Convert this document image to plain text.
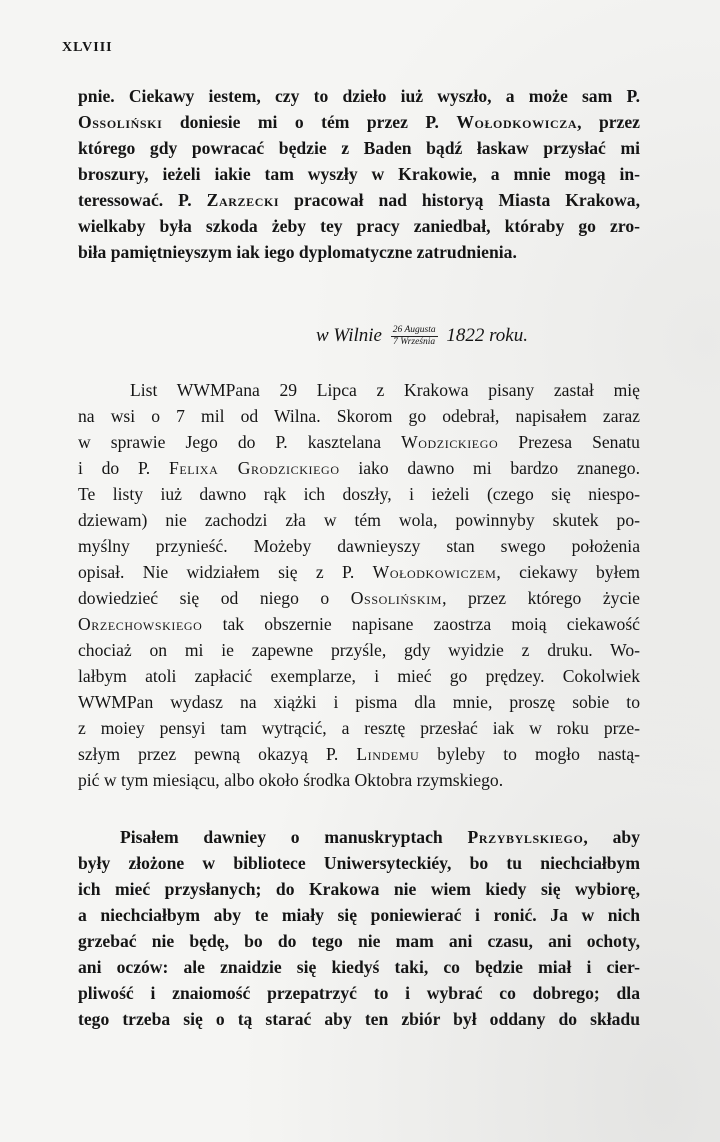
XLVIII
pnie. Ciekawy iestem, czy to dzieło iuż wyszło, a może sam P.
Ossoliński doniesie mi o tém przez P. Wołodkowicza, przez
którego gdy powracać będzie z Baden bądź łaskaw przysłać mi
broszury, ieżeli iakie tam wyszły w Krakowie, a mnie mogą in-
teressować. P. Zarzecki pracował nad historyą Miasta Krakowa,
wielkaby była szkoda żeby tey pracy zaniedbał, któraby go zro-
biła pamiętnieyszym iak iego dyplomatyczne zatrudnienia.
w Wilnie $\frac{\text{26 Augusta}}{\text{7 Września}} 1822$ roku.
List WWMPana 29 Lipca z Krakowa pisany zastał mię
na wsi o 7 mil od Wilna. Skorom go odebrał, napisałem zaraz
w sprawie Jego do P. kasztelana Wodzickiego Prezesa Senatu
i do P. Felixa Grodzickiego iako dawno mi bardzo znanego.
Te listy iuż dawno rąk ich doszły, i ieżeli (czego się niespo-
dziewam) nie zachodzi zła w tém wola, powinnyby skutek po-
myślny przynieść. Możeby dawnieyszy stan swego położenia
opisał. Nie widziałem się z P. Wołodkowiczem, ciekawy byłem
dowiedzieć się od niego o Ossolińskim, przez którego życie
Orzechowskiego tak obszernie napisane zaostrza moią ciekawość
chociaż on mi ie zapewne przyśle, gdy wyidzie z druku. Wo-
lałbym atoli zapłacić exemplarze, i mieć go prędzey. Cokolwiek
WWMPan wydasz na xiążki i pisma dla mnie, proszę sobie to
z moiey pensyi tam wytrącić, a resztę przesłać iak w roku prze-
szłym przez pewną okazyą P. Lindemu byleby to mogło nastą-
pić w tym miesiącu, albo około środka Oktobra rzymskiego.
Pisałem dawniey o manuskryptach Przybylskiego, aby
były złożone w bibliotece Uniwersyteckiéy, bo tu niechciałbym
ich mieć przysłanych; do Krakowa nie wiem kiedy się wybiorę,
a niechciałbym aby te miały się poniewierać i ronić. Ja w nich
grzebać nie będę, bo do tego nie mam ani czasu, ani ochoty,
ani oczów: ale znaidzie się kiedyś taki, co będzie miał i cier-
pliwość i znaiomość przepatrzyć to i wybrać co dobrego; dla
tego trzeba się o tą starać aby ten zbiór był oddany do składu
